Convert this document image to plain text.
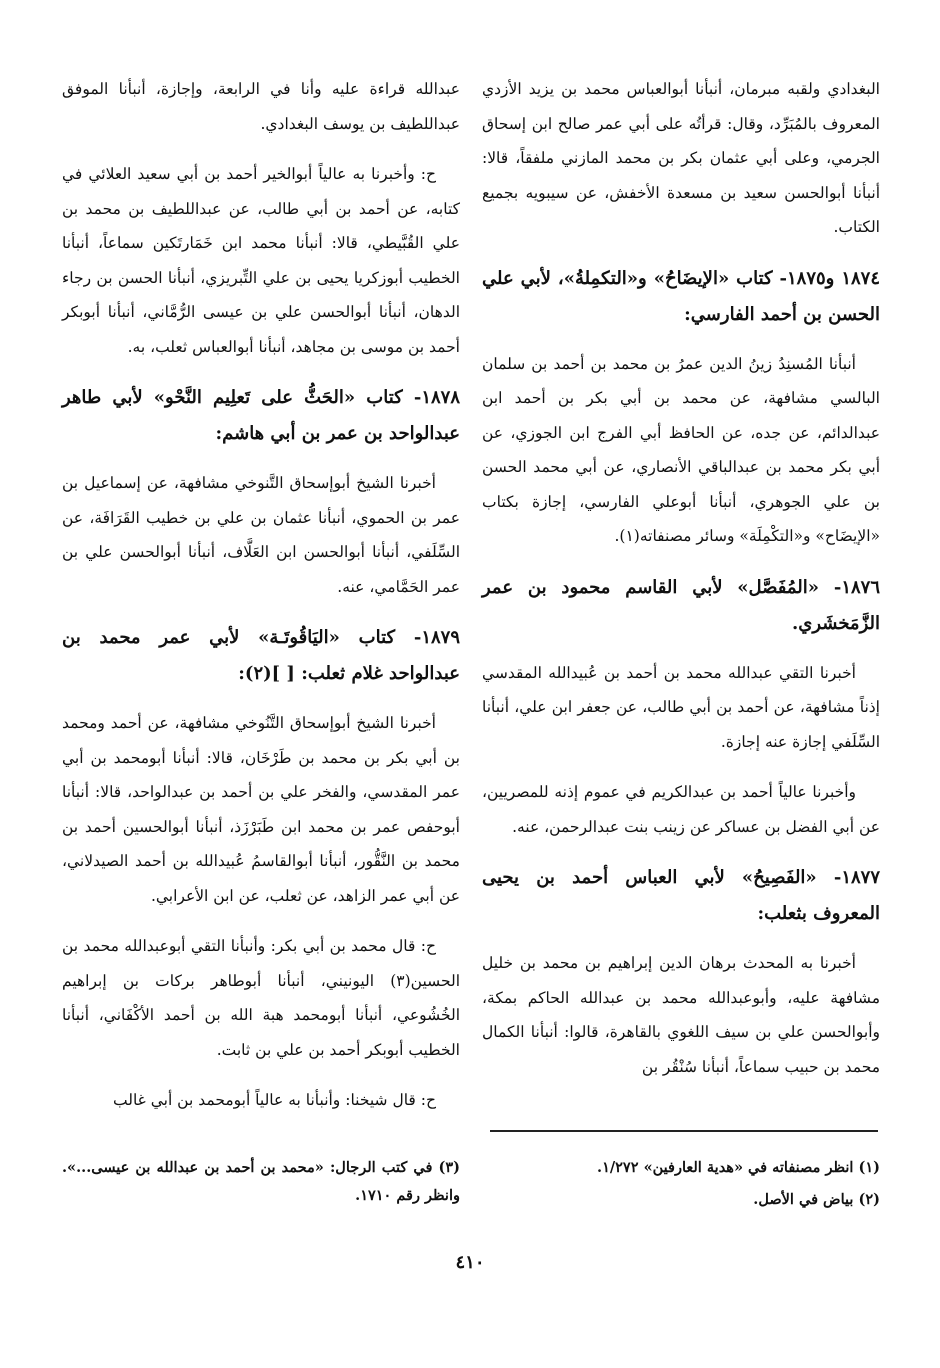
البغدادي ولقبه مبرمان، أنبأنا أبوالعباس محمد بن يزيد الأزدي المعروف بالمُبَرِّد، وقال: قرأتُه على أبي عمر صالح ابن إسحاق الجرمي، وعلى أبي عثمان بكر بن محمد المازني ملفقاً، قالا: أنبأنا أبوالحسن سعيد بن مسعدة الأخفش، عن سيبويه بجميع الكتاب.

١٨٧٤ و١٨٧٥- كتاب «الإيضَاحُ» و«التكمِلةُ»، لأبي علي الحسن بن أحمد الفارسي:

أنبأنا المُسنِدُ زينُ الدين عمرُ بن محمد بن أحمد بن سلمان البالسي مشافهة، عن محمد بن أبي بكر بن أحمد ابن عبدالدائم، عن جده، عن الحافظ أبي الفرج ابن الجوزي، عن أبي بكر محمد بن عبدالباقي الأنصاري، عن أبي محمد الحسن بن علي الجوهري، أنبأنا أبوعلي الفارسي، إجازة بكتاب «الإيضَاح» و«التكْمِلَة» وسائر مصنفاته(١).

١٨٧٦- «المُفَصَّل» لأبي القاسم محمود بن عمر الزَّمَخشَري.

أخبرنا التقي عبدالله محمد بن أحمد بن عُبيدالله المقدسي إذناً مشافهة، عن أحمد بن أبي طالب، عن جعفر ابن علي، أنبأنا السِّلَفي إجازة عنه إجازة.

وأخبرنا عالياً أحمد بن عبدالكريم في عموم إذنه للمصريين، عن أبي الفضل بن عساكر عن زينب بنت عبدالرحمن، عنه.

١٨٧٧- «الفَصِيحُ» لأبي العباس أحمد بن يحيى المعروف بثعلب:

أخبرنا به المحدث برهان الدين إبراهيم بن محمد بن خليل مشافهة عليه، وأبوعبدالله محمد بن عبدالله الحاكم بمكة، وأبوالحسن علي بن سيف اللغوي بالقاهرة، قالوا: أنبأنا الكمال محمد بن حبيب سماعاً، أنبأنا سُنْقُر بن

عبدالله قراءة عليه وأنا في الرابعة، وإجازة، أنبأنا الموفق عبداللطيف بن يوسف البغدادي.

ح: وأخبرنا به عالياً أبوالخير أحمد بن أبي سعيد العلائي في كتابه، عن أحمد بن أبي طالب، عن عبداللطيف بن محمد بن علي القُبَّيطي، قالا: أنبأنا محمد ابن خَمَارتَكين سماعاً، أنبأنا الخطيب أبوزكريا يحيى بن علي التِّبريزي، أنبأنا الحسن بن رجاء الدهان، أنبأنا أبوالحسن علي بن عيسى الرُّمَّاني، أنبأنا أبوبكر أحمد بن موسى بن مجاهد، أنبأنا أبوالعباس ثعلب، به.

١٨٧٨- كتاب «الحَثُّ على تَعلِيم النَّحْو» لأبي طاهر عبدالواحد بن عمر بن أبي هاشم:

أخبرنا الشيخ أبوإسحاق التَّنوخي مشافهة، عن إسماعيل بن عمر بن الحموي، أنبأنا عثمان بن علي بن خطيب القَرَافَة، عن السِّلَفي، أنبأنا أبوالحسن ابن العَلَّاف، أنبأنا أبوالحسن علي بن عمر الحَمَّامي، عنه.

١٨٧٩- كتاب «اليَاقُوتَـة» لأبي عمر محمد بن عبدالواحد غلام ثعلب: [ ](٢):

أخبرنا الشيخ أبوإسحاق التَّنُوخي مشافهة، عن أحمد ومحمد بن أبي بكر بن محمد بن طَرْخَان، قالا: أنبأنا أبومحمد بن أبي عمر المقدسي، والفخر علي بن أحمد بن عبدالواحد، قالا: أنبأنا أبوحفص عمر بن محمد ابن طَبَرْزَذ، أنبأنا أبوالحسين أحمد بن محمد بن النَّقُّور، أنبأنا أبوالقاسمُ عُبيدالله بن أحمد الصيدلاني، عن أبي عمر الزاهد، عن ثعلب، عن ابن الأعرابي.

ح: قال محمد بن أبي بكر: وأنبأنا التقي أبوعبدالله محمد بن الحسين(٣) اليونيني، أنبأنا أبوطاهر بركات بن إبراهيم الخُشُوعي، أنبأنا أبومحمد هبة الله بن أحمد الأكْفَاني، أنبأنا الخطيب أبوبكر أحمد بن علي بن ثابت.

ح: قال شيخنا: وأنبأنا به عالياً أبومحمد بن أبي غالب

(١) انظر مصنفاته في «هدية العارفين» ١/٢٧٢.

(٢) بياض في الأصل.

(٣) في كتب الرجال: «محمد بن أحمد بن عبدالله بن عيسى...». وانظر رقم ١٧١٠.

٤١٠
